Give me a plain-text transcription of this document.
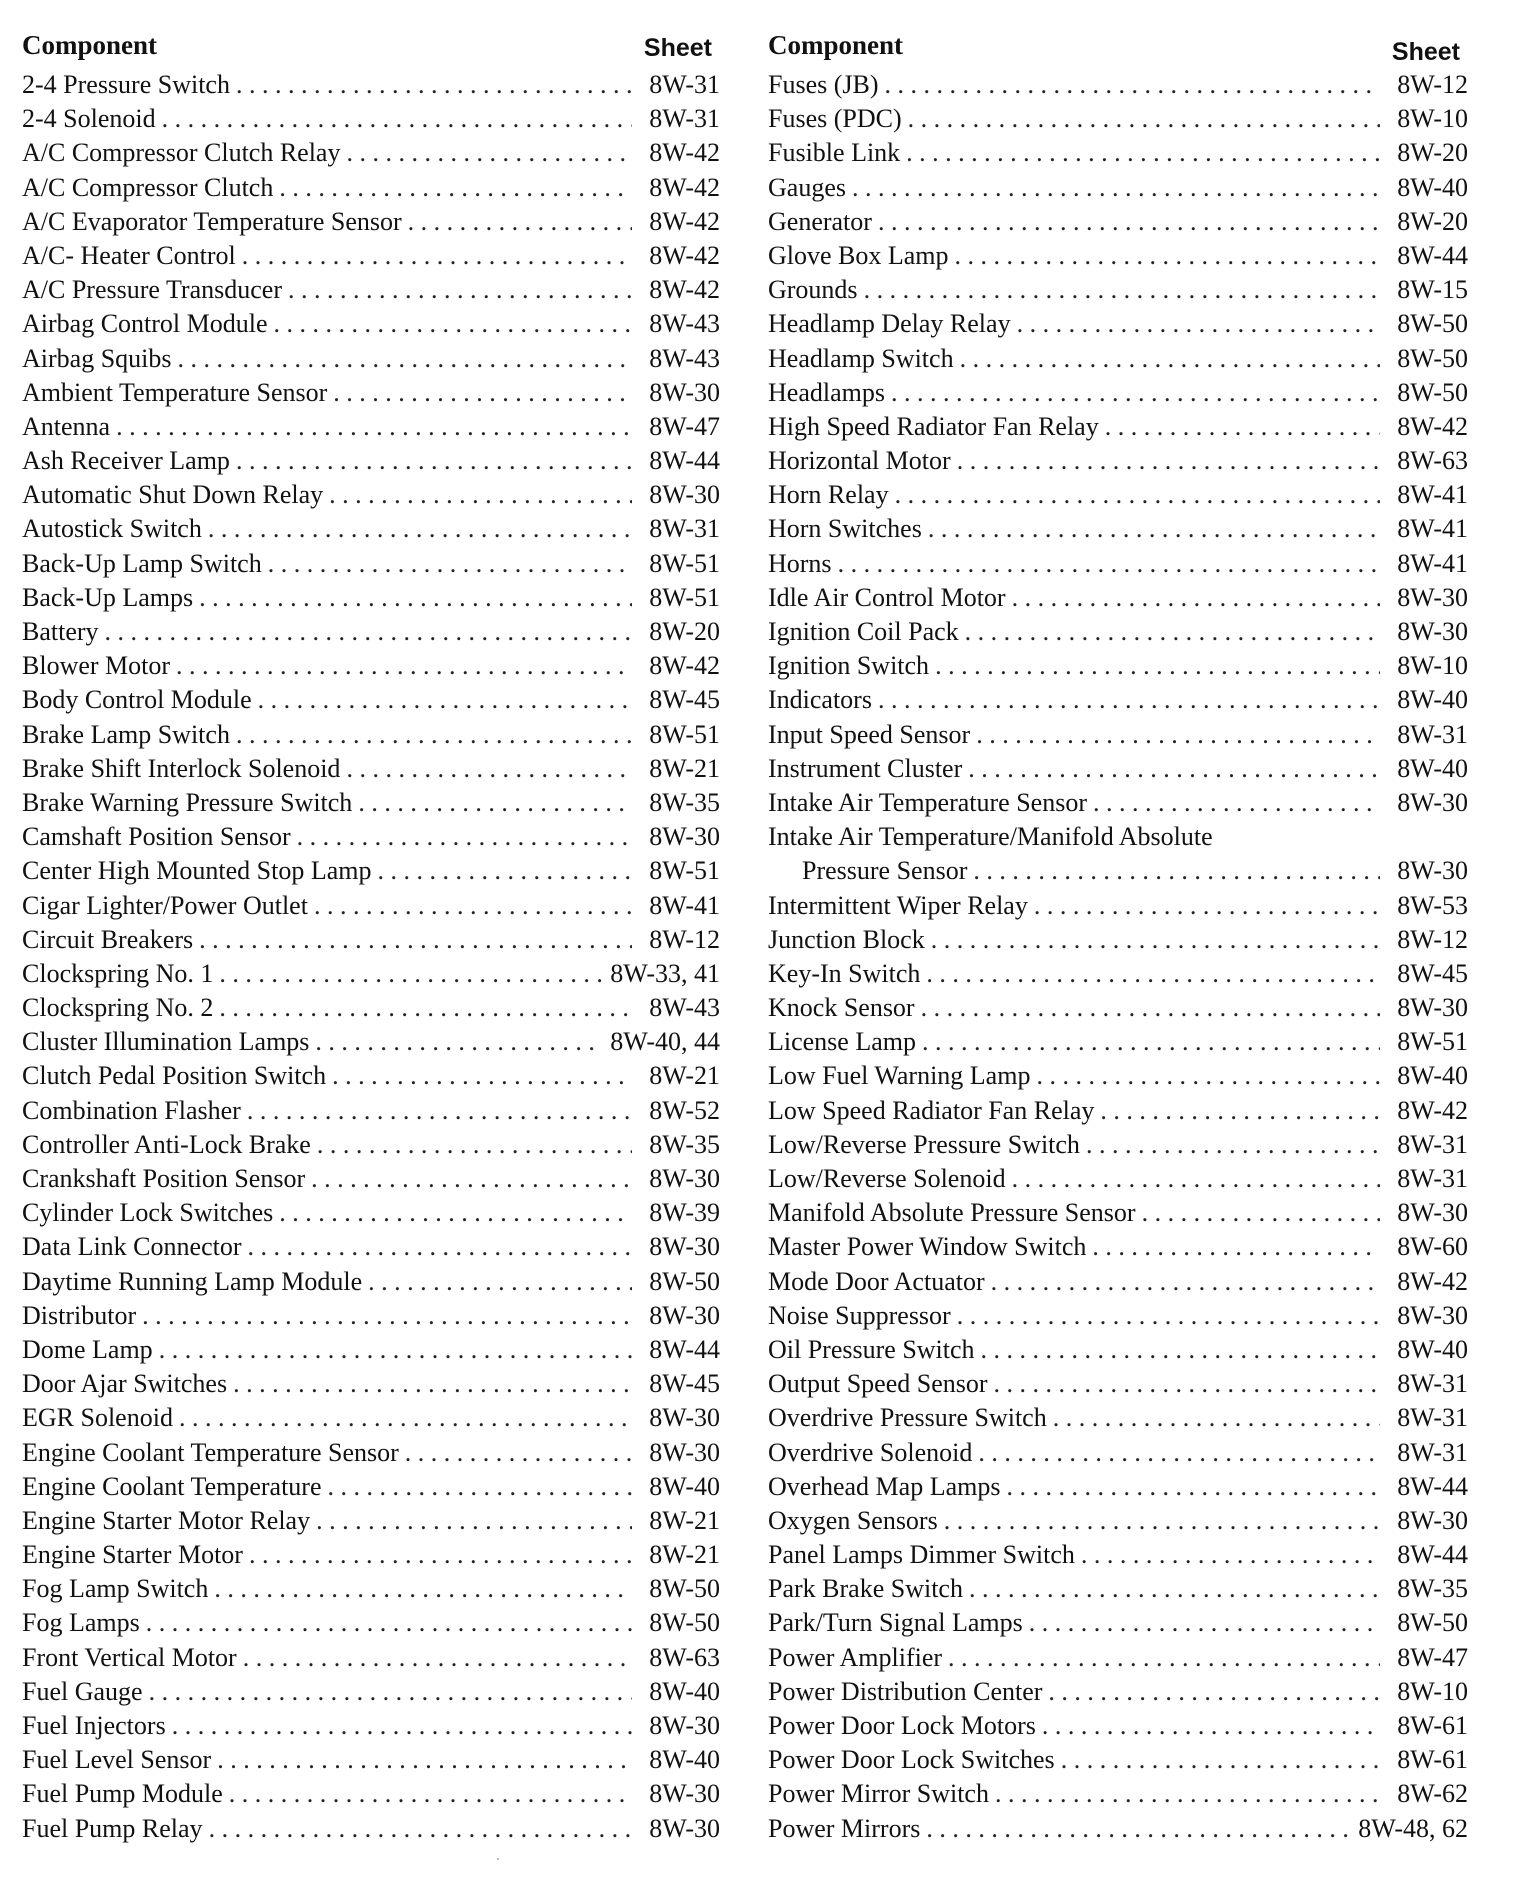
Component	Sheet
2-4 Pressure Switch . . .	8W-31
2-4 Solenoid . . .	8W-31
A/C Compressor Clutch Relay . . .	8W-42
A/C Compressor Clutch . . .	8W-42
A/C Evaporator Temperature Sensor . . .	8W-42
A/C- Heater Control . . .	8W-42
A/C Pressure Transducer . . .	8W-42
Airbag Control Module . . .	8W-43
Airbag Squibs . . .	8W-43
Ambient Temperature Sensor . . .	8W-30
Antenna . . .	8W-47
Ash Receiver Lamp . . .	8W-44
Automatic Shut Down Relay . . .	8W-30
Autostick Switch . . .	8W-31
Back-Up Lamp Switch . . .	8W-51
Back-Up Lamps . . .	8W-51
Battery . . .	8W-20
Blower Motor . . .	8W-42
Body Control Module . . .	8W-45
Brake Lamp Switch . . .	8W-51
Brake Shift Interlock Solenoid . . .	8W-21
Brake Warning Pressure Switch . . .	8W-35
Camshaft Position Sensor . . .	8W-30
Center High Mounted Stop Lamp . . .	8W-51
Cigar Lighter/Power Outlet . . .	8W-41
Circuit Breakers . . .	8W-12
Clockspring No. 1 . . .	8W-33, 41
Clockspring No. 2 . . .	8W-43
Cluster Illumination Lamps . . .	8W-40, 44
Clutch Pedal Position Switch . . .	8W-21
Combination Flasher . . .	8W-52
Controller Anti-Lock Brake . . .	8W-35
Crankshaft Position Sensor . . .	8W-30
Cylinder Lock Switches . . .	8W-39
Data Link Connector . . .	8W-30
Daytime Running Lamp Module . . .	8W-50
Distributor . . .	8W-30
Dome Lamp . . .	8W-44
Door Ajar Switches . . .	8W-45
EGR Solenoid . . .	8W-30
Engine Coolant Temperature Sensor . . .	8W-30
Engine Coolant Temperature . . .	8W-40
Engine Starter Motor Relay . . .	8W-21
Engine Starter Motor . . .	8W-21
Fog Lamp Switch . . .	8W-50
Fog Lamps . . .	8W-50
Front Vertical Motor . . .	8W-63
Fuel Gauge . . .	8W-40
Fuel Injectors . . .	8W-30
Fuel Level Sensor . . .	8W-40
Fuel Pump Module . . .	8W-30
Fuel Pump Relay . . .	8W-30
Component	Sheet
Fuses (JB) . . .	8W-12
Fuses (PDC) . . .	8W-10
Fusible Link . . .	8W-20
Gauges . . .	8W-40
Generator . . .	8W-20
Glove Box Lamp . . .	8W-44
Grounds . . .	8W-15
Headlamp Delay Relay . . .	8W-50
Headlamp Switch . . .	8W-50
Headlamps . . .	8W-50
High Speed Radiator Fan Relay . . .	8W-42
Horizontal Motor . . .	8W-63
Horn Relay . . .	8W-41
Horn Switches . . .	8W-41
Horns . . .	8W-41
Idle Air Control Motor . . .	8W-30
Ignition Coil Pack . . .	8W-30
Ignition Switch . . .	8W-10
Indicators . . .	8W-40
Input Speed Sensor . . .	8W-31
Instrument Cluster . . .	8W-40
Intake Air Temperature Sensor . . .	8W-30
Intake Air Temperature/Manifold Absolute
Pressure Sensor . . .	8W-30
Intermittent Wiper Relay . . .	8W-53
Junction Block . . .	8W-12
Key-In Switch . . .	8W-45
Knock Sensor . . .	8W-30
License Lamp . . .	8W-51
Low Fuel Warning Lamp . . .	8W-40
Low Speed Radiator Fan Relay . . .	8W-42
Low/Reverse Pressure Switch . . .	8W-31
Low/Reverse Solenoid . . .	8W-31
Manifold Absolute Pressure Sensor . . .	8W-30
Master Power Window Switch . . .	8W-60
Mode Door Actuator . . .	8W-42
Noise Suppressor . . .	8W-30
Oil Pressure Switch . . .	8W-40
Output Speed Sensor . . .	8W-31
Overdrive Pressure Switch . . .	8W-31
Overdrive Solenoid . . .	8W-31
Overhead Map Lamps . . .	8W-44
Oxygen Sensors . . .	8W-30
Panel Lamps Dimmer Switch . . .	8W-44
Park Brake Switch . . .	8W-35
Park/Turn Signal Lamps . . .	8W-50
Power Amplifier . . .	8W-47
Power Distribution Center . . .	8W-10
Power Door Lock Motors . . .	8W-61
Power Door Lock Switches . . .	8W-61
Power Mirror Switch . . .	8W-62
Power Mirrors . . .	8W-48, 62
